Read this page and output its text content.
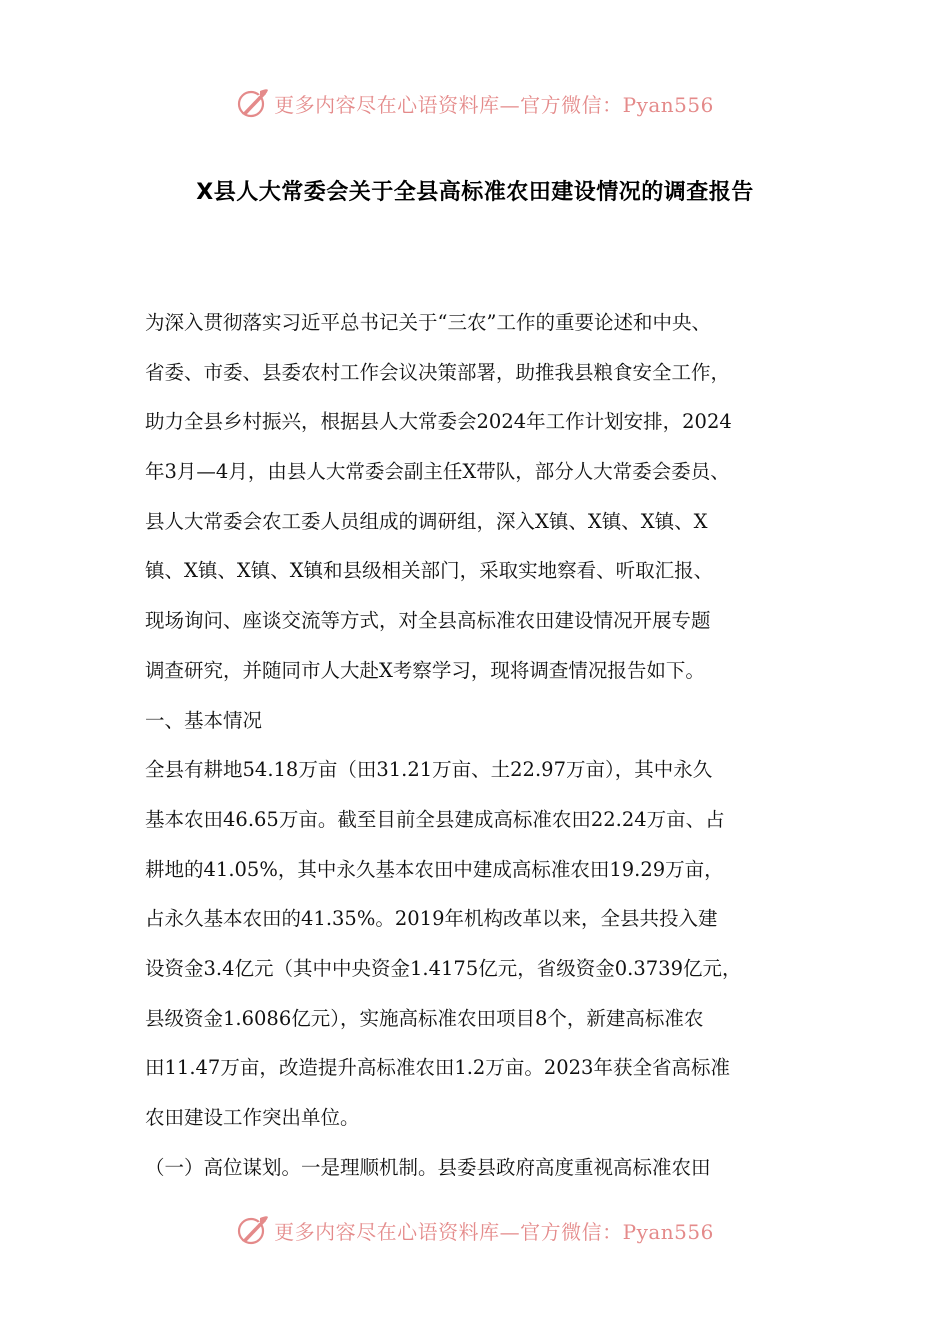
更多内容尽在心语资料库—官方微信：Pyan556
X县人大常委会关于全县高标准农田建设情况的调查报告
为深入贯彻落实习近平总书记关于“三农”工作的重要论述和中央、
省委、市委、县委农村工作会议决策部署，助推我县粮食安全工作，
助力全县乡村振兴，根据县人大常委会2024年工作计划安排，2024
年3月—4月，由县人大常委会副主任X带队，部分人大常委会委员、
县人大常委会农工委人员组成的调研组，深入X镇、X镇、X镇、X
镇、X镇、X镇、X镇和县级相关部门，采取实地察看、听取汇报、
现场询问、座谈交流等方式，对全县高标准农田建设情况开展专题
调查研究，并随同市人大赴X考察学习，现将调查情况报告如下。
一、基本情况
全县有耕地54.18万亩（田31.21万亩、土22.97万亩），其中永久
基本农田46.65万亩。截至目前全县建成高标准农田22.24万亩、占
耕地的41.05%，其中永久基本农田中建成高标准农田19.29万亩，
占永久基本农田的41.35%。2019年机构改革以来，全县共投入建
设资金3.4亿元（其中中央资金1.4175亿元，省级资金0.3739亿元，
县级资金1.6086亿元），实施高标准农田项目8个，新建高标准农
田11.47万亩，改造提升高标准农田1.2万亩。2023年获全省高标准
农田建设工作突出单位。
（一）高位谋划。一是理顺机制。县委县政府高度重视高标准农田
更多内容尽在心语资料库—官方微信：Pyan556
